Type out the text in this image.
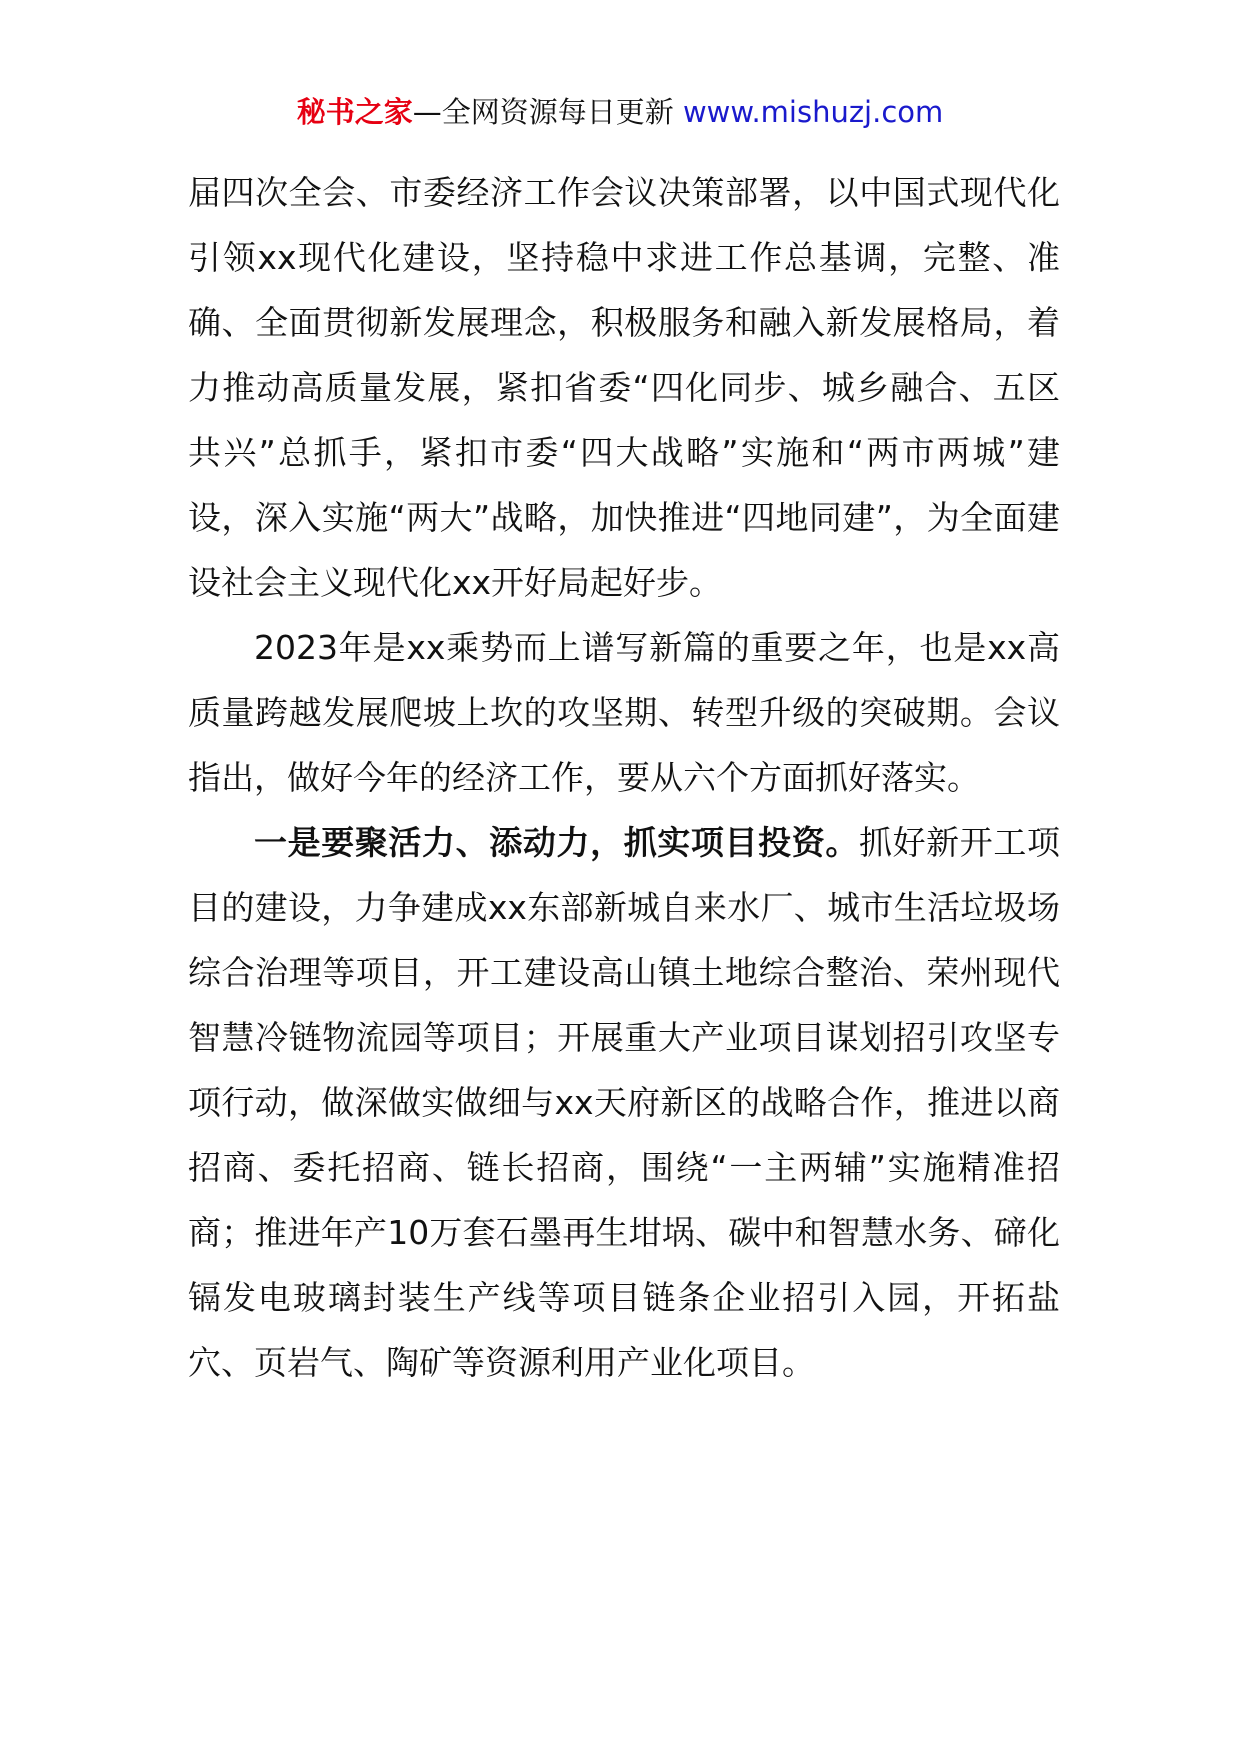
秘书之家—全网资源每日更新 www.mishuzj.com

届四次全会、市委经济工作会议决策部署，以中国式现代化引领xx现代化建设，坚持稳中求进工作总基调，完整、准确、全面贯彻新发展理念，积极服务和融入新发展格局，着力推动高质量发展，紧扣省委“四化同步、城乡融合、五区共兴”总抓手，紧扣市委“四大战略”实施和“两市两城”建设，深入实施“两大”战略，加快推进“四地同建”，为全面建设社会主义现代化xx开好局起好步。

2023年是xx乘势而上谱写新篇的重要之年，也是xx高质量跨越发展爬坡上坎的攻坚期、转型升级的突破期。会议指出，做好今年的经济工作，要从六个方面抓好落实。

一是要聚活力、添动力，抓实项目投资。抓好新开工项目的建设，力争建成xx东部新城自来水厂、城市生活垃圾场综合治理等项目，开工建设高山镇土地综合整治、荣州现代智慧冷链物流园等项目；开展重大产业项目谋划招引攻坚专项行动，做深做实做细与xx天府新区的战略合作，推进以商招商、委托招商、链长招商，围绕“一主两辅”实施精准招商；推进年产10万套石墨再生坩埚、碳中和智慧水务、碲化镉发电玻璃封装生产线等项目链条企业招引入园，开拓盐穴、页岩气、陶矿等资源利用产业化项目。
